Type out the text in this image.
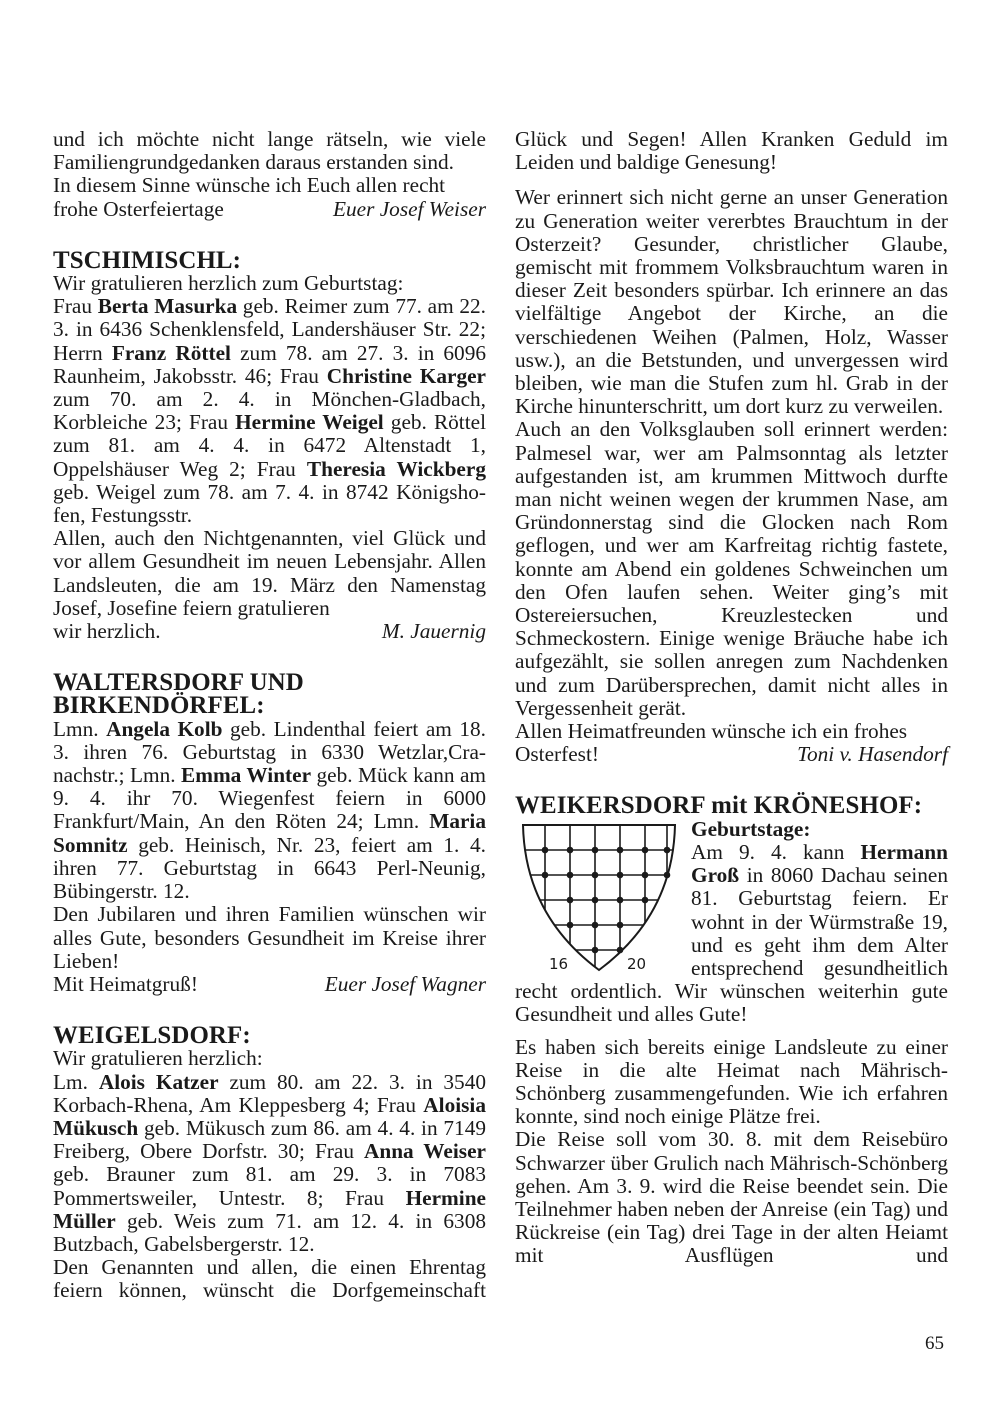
und ich möchte nicht lange rätseln, wie viele Familiengrundgedanken daraus erstanden sind.

In diesem Sinne wünsche ich Euch allen recht

frohe Osterfeiertage	Euer Josef Weiser
TSCHIMISCHL:

Wir gratulieren herzlich zum Geburtstag:

Frau Berta Masurka geb. Reimer zum 77. am 22. 3. in 6436 Schenklensfeld, Landershäuser Str. 22; Herrn Franz Röttel zum 78. am 27. 3. in 6096 Raunheim, Jakobsstr. 46; Frau Christine Karger zum 70. am 2. 4. in Mönchen-Gladbach, Korbleiche 23; Frau Hermine Weigel geb. Röttel zum 81. am 4. 4. in 6472 Altenstadt 1, Oppelshäuser Weg 2; Frau Theresia Wickberg geb. Weigel zum 78. am 7. 4. in 8742 Königshofen, Festungsstr.

Allen, auch den Nichtgenannten, viel Glück und vor allem Gesundheit im neuen Lebensjahr. Allen Landsleuten, die am 19. März den Namenstag Josef, Josefine feiern gratulieren

wir herzlich.	M. Jauernig
WALTERSDORF UND BIRKENDÖRFEL:

Lmn. Angela Kolb geb. Lindenthal feiert am 18. 3. ihren 76. Geburtstag in 6330 Wetzlar,Cranachstr.; Lmn. Emma Winter geb. Mück kann am 9. 4. ihr 70. Wiegenfest feiern in 6000 Frankfurt/Main, An den Röten 24; Lmn. Maria Somnitz geb. Heinisch, Nr. 23, feiert am 1. 4. ihren 77. Geburtstag in 6643 Perl-Neunig, Bübingerstr. 12.

Den Jubilaren und ihren Familien wünschen wir alles Gute, besonders Gesundheit im Kreise ihrer Lieben!

Mit Heimatgruß!	Euer Josef Wagner
WEIGELSDORF:

Wir gratulieren herzlich:

Lm. Alois Katzer zum 80. am 22. 3. in 3540 Korbach-Rhena, Am Kleppesberg 4; Frau Aloisia Mükusch geb. Mükusch zum 86. am 4. 4. in 7149 Freiberg, Obere Dorfstr. 30; Frau Anna Weiser geb. Brauner zum 81. am 29. 3. in 7083 Pommertsweiler, Untestr. 8; Frau Hermine Müller geb. Weis zum 71. am 12. 4. in 6308 Butzbach, Gabelsbergerstr. 12.

Den Genannten und allen, die einen Ehrentag feiern können, wünscht die Dorfgemeinschaft

Glück und Segen! Allen Kranken Geduld im Leiden und baldige Genesung!

Wer erinnert sich nicht gerne an unser Generation zu Generation weiter vererbtes Brauchtum in der Osterzeit? Gesunder, christlicher Glaube, gemischt mit frommem Volksbrauchtum waren in dieser Zeit besonders spürbar. Ich erinnere an das vielfältige Angebot der Kirche, an die verschiedenen Weihen (Palmen, Holz, Wasser usw.), an die Betstunden, und unvergessen wird bleiben, wie man die Stufen zum hl. Grab in der Kirche hinunterschritt, um dort kurz zu verweilen.

Auch an den Volksglauben soll erinnert werden: Palmesel war, wer am Palmsonntag als letzter aufgestanden ist, am krummen Mittwoch durfte man nicht weinen wegen der krummen Nase, am Gründonnerstag sind die Glocken nach Rom geflogen, und wer am Karfreitag richtig fastete, konnte am Abend ein goldenes Schweinchen um den Ofen laufen sehen. Weiter ging’s mit Ostereiersuchen, Kreuzlestecken und Schmeckostern. Einige wenige Bräuche habe ich aufgezählt, sie sollen anregen zum Nachdenken und zum Darübersprechen, damit nicht alles in Vergessenheit gerät.

Allen Heimatfreunden wünsche ich ein frohes

Osterfest!	Toni v. Hasendorf
WEIKERSDORF mit KRÖNESHOF:
16	20
Geburtstage:

Am 9. 4. kann Hermann Groß in 8060 Dachau seinen 81. Geburtstag feiern. Er wohnt in der Würmstraße 19, und es geht ihm dem Alter entsprechend gesundheitlich recht ordentlich. Wir wünschen weiterhin gute Gesundheit und alles Gute!

Es haben sich bereits einige Landsleute zu einer Reise in die alte Heimat nach Mährisch-Schönberg zusammengefunden. Wie ich erfahren konnte, sind noch einige Plätze frei.

Die Reise soll vom 30. 8. mit dem Reisebüro Schwarzer über Grulich nach Mährisch-Schönberg gehen. Am 3. 9. wird die Reise beendet sein. Die Teilnehmer haben neben der Anreise (ein Tag) und Rückreise (ein Tag) drei Tage in der alten Heiamt mit Ausflügen und

65
